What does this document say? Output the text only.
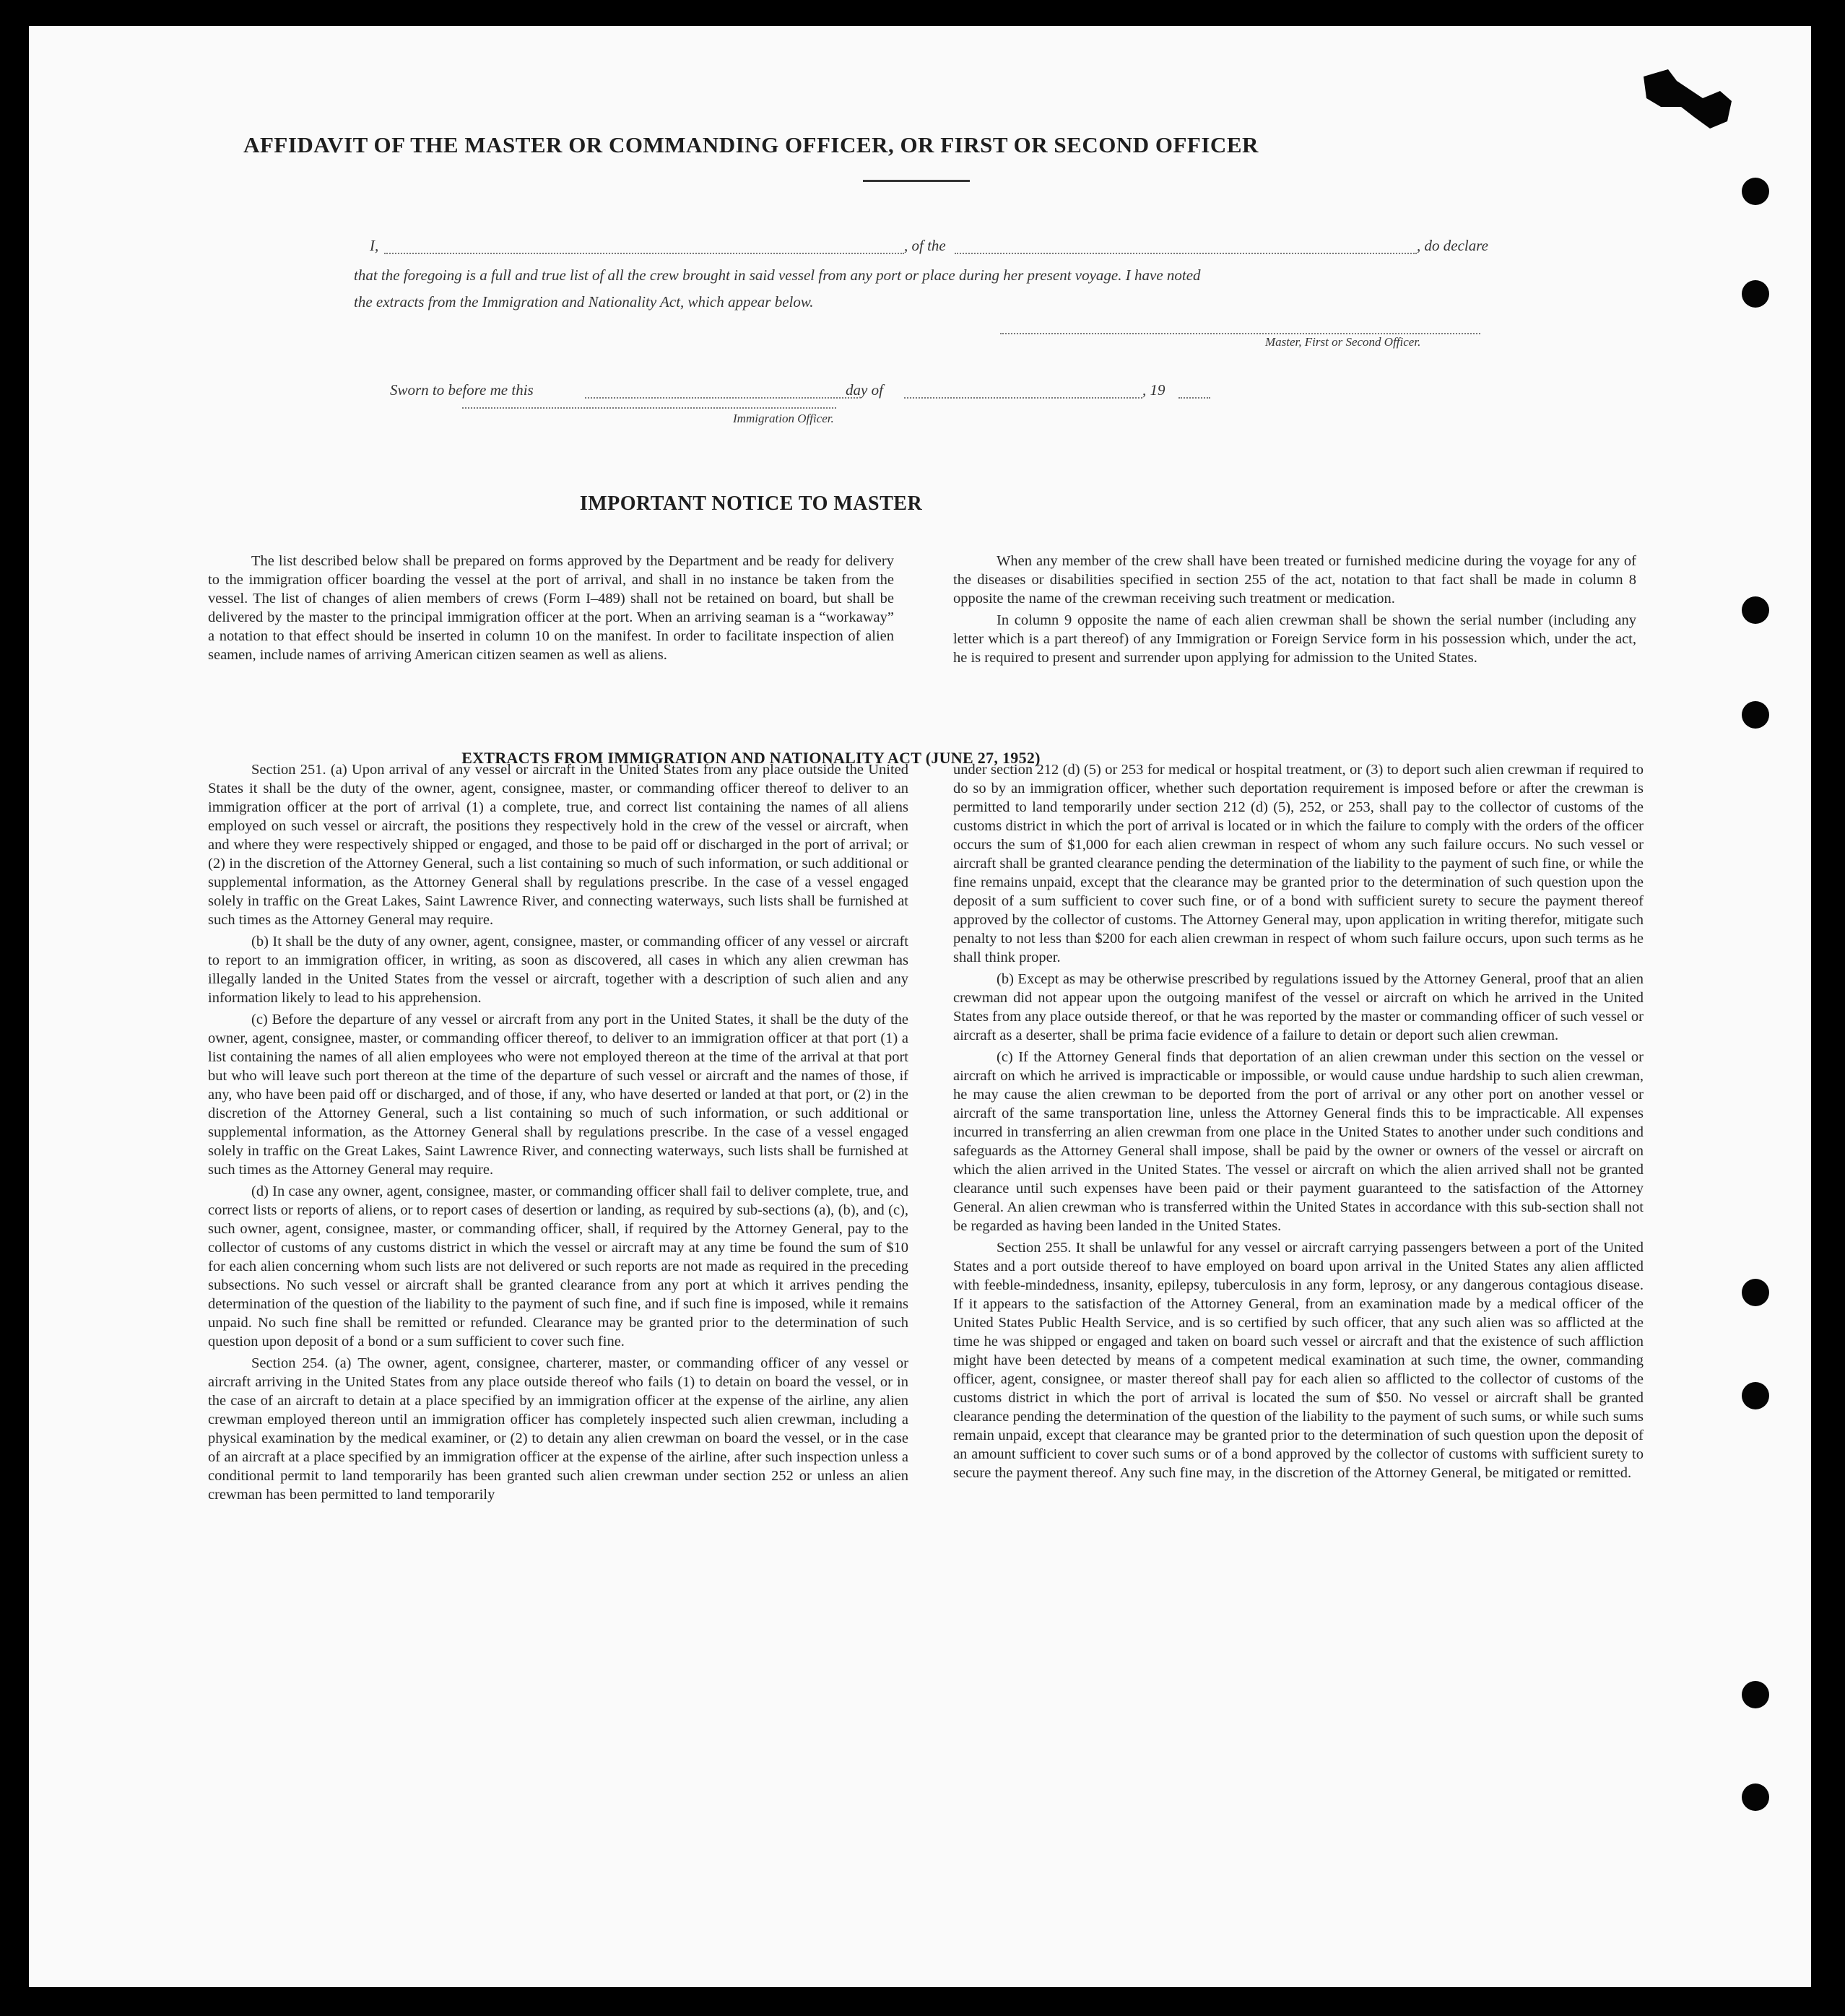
AFFIDAVIT OF THE MASTER OR COMMANDING OFFICER, OR FIRST OR SECOND OFFICER
I,	, of the	, do declare
that the foregoing is a full and true list of all the crew brought in said vessel from any port or place during her present voyage. I have noted
the extracts from the Immigration and Nationality Act, which appear below.
Master, First or Second Officer.
Sworn to before me this	day of	, 19
Immigration Officer.
IMPORTANT NOTICE TO MASTER

The list described below shall be prepared on forms approved by the Department and be ready for delivery to the immigration officer boarding the vessel at the port of arrival, and shall in no instance be taken from the vessel. The list of changes of alien members of crews (Form I–489) shall not be retained on board, but shall be delivered by the master to the principal immigration officer at the port. When an arriving seaman is a “workaway” a notation to that effect should be inserted in column 10 on the manifest. In order to facilitate inspection of alien seamen, include names of arriving American citizen seamen as well as aliens.

When any member of the crew shall have been treated or furnished medicine during the voyage for any of the diseases or disabilities specified in section 255 of the act, notation to that fact shall be made in column 8 opposite the name of the crewman receiving such treatment or medication.

In column 9 opposite the name of each alien crewman shall be shown the serial number (including any letter which is a part thereof) of any Immigration or Foreign Service form in his possession which, under the act, he is required to present and surrender upon applying for admission to the United States.

EXTRACTS FROM IMMIGRATION AND NATIONALITY ACT (JUNE 27, 1952)

Section 251. (a) Upon arrival of any vessel or aircraft in the United States from any place outside the United States it shall be the duty of the owner, agent, consignee, master, or commanding officer thereof to deliver to an immigration officer at the port of arrival (1) a complete, true, and correct list containing the names of all aliens employed on such vessel or aircraft, the positions they respectively hold in the crew of the vessel or aircraft, when and where they were respectively shipped or engaged, and those to be paid off or discharged in the port of arrival; or (2) in the discretion of the Attorney General, such a list containing so much of such information, or such additional or supplemental information, as the Attorney General shall by regulations prescribe. In the case of a vessel engaged solely in traffic on the Great Lakes, Saint Lawrence River, and connecting waterways, such lists shall be furnished at such times as the Attorney General may require.

(b) It shall be the duty of any owner, agent, consignee, master, or commanding officer of any vessel or aircraft to report to an immigration officer, in writing, as soon as discovered, all cases in which any alien crewman has illegally landed in the United States from the vessel or aircraft, together with a description of such alien and any information likely to lead to his apprehension.

(c) Before the departure of any vessel or aircraft from any port in the United States, it shall be the duty of the owner, agent, consignee, master, or commanding officer thereof, to deliver to an immigration officer at that port (1) a list containing the names of all alien employees who were not employed thereon at the time of the arrival at that port but who will leave such port thereon at the time of the departure of such vessel or aircraft and the names of those, if any, who have been paid off or discharged, and of those, if any, who have deserted or landed at that port, or (2) in the discretion of the Attorney General, such a list containing so much of such information, or such additional or supplemental information, as the Attorney General shall by regulations prescribe. In the case of a vessel engaged solely in traffic on the Great Lakes, Saint Lawrence River, and connecting waterways, such lists shall be furnished at such times as the Attorney General may require.

(d) In case any owner, agent, consignee, master, or commanding officer shall fail to deliver complete, true, and correct lists or reports of aliens, or to report cases of desertion or landing, as required by sub-sections (a), (b), and (c), such owner, agent, consignee, master, or commanding officer, shall, if required by the Attorney General, pay to the collector of customs of any customs district in which the vessel or aircraft may at any time be found the sum of $10 for each alien concerning whom such lists are not delivered or such reports are not made as required in the preceding subsections. No such vessel or aircraft shall be granted clearance from any port at which it arrives pending the determination of the question of the liability to the payment of such fine, and if such fine is imposed, while it remains unpaid. No such fine shall be remitted or refunded. Clearance may be granted prior to the determination of such question upon deposit of a bond or a sum sufficient to cover such fine.

Section 254. (a) The owner, agent, consignee, charterer, master, or commanding officer of any vessel or aircraft arriving in the United States from any place outside thereof who fails (1) to detain on board the vessel, or in the case of an aircraft to detain at a place specified by an immigration officer at the expense of the airline, any alien crewman employed thereon until an immigration officer has completely inspected such alien crewman, including a physical examination by the medical examiner, or (2) to detain any alien crewman on board the vessel, or in the case of an aircraft at a place specified by an immigration officer at the expense of the airline, after such inspection unless a conditional permit to land temporarily has been granted such alien crewman under section 252 or unless an alien crewman has been permitted to land temporarily

under section 212 (d) (5) or 253 for medical or hospital treatment, or (3) to deport such alien crewman if required to do so by an immigration officer, whether such deportation requirement is imposed before or after the crewman is permitted to land temporarily under section 212 (d) (5), 252, or 253, shall pay to the collector of customs of the customs district in which the port of arrival is located or in which the failure to comply with the orders of the officer occurs the sum of $1,000 for each alien crewman in respect of whom any such failure occurs. No such vessel or aircraft shall be granted clearance pending the determination of the liability to the payment of such fine, or while the fine remains unpaid, except that the clearance may be granted prior to the determination of such question upon the deposit of a sum sufficient to cover such fine, or of a bond with sufficient surety to secure the payment thereof approved by the collector of customs. The Attorney General may, upon application in writing therefor, mitigate such penalty to not less than $200 for each alien crewman in respect of whom such failure occurs, upon such terms as he shall think proper.

(b) Except as may be otherwise prescribed by regulations issued by the Attorney General, proof that an alien crewman did not appear upon the outgoing manifest of the vessel or aircraft on which he arrived in the United States from any place outside thereof, or that he was reported by the master or commanding officer of such vessel or aircraft as a deserter, shall be prima facie evidence of a failure to detain or deport such alien crewman.

(c) If the Attorney General finds that deportation of an alien crewman under this section on the vessel or aircraft on which he arrived is impracticable or impossible, or would cause undue hardship to such alien crewman, he may cause the alien crewman to be deported from the port of arrival or any other port on another vessel or aircraft of the same transportation line, unless the Attorney General finds this to be impracticable. All expenses incurred in transferring an alien crewman from one place in the United States to another under such conditions and safeguards as the Attorney General shall impose, shall be paid by the owner or owners of the vessel or aircraft on which the alien arrived in the United States. The vessel or aircraft on which the alien arrived shall not be granted clearance until such expenses have been paid or their payment guaranteed to the satisfaction of the Attorney General. An alien crewman who is transferred within the United States in accordance with this sub-section shall not be regarded as having been landed in the United States.

Section 255. It shall be unlawful for any vessel or aircraft carrying passengers between a port of the United States and a port outside thereof to have employed on board upon arrival in the United States any alien afflicted with feeble-mindedness, insanity, epilepsy, tuberculosis in any form, leprosy, or any dangerous contagious disease. If it appears to the satisfaction of the Attorney General, from an examination made by a medical officer of the United States Public Health Service, and is so certified by such officer, that any such alien was so afflicted at the time he was shipped or engaged and taken on board such vessel or aircraft and that the existence of such affliction might have been detected by means of a competent medical examination at such time, the owner, commanding officer, agent, consignee, or master thereof shall pay for each alien so afflicted to the collector of customs of the customs district in which the port of arrival is located the sum of $50. No vessel or aircraft shall be granted clearance pending the determination of the question of the liability to the payment of such sums, or while such sums remain unpaid, except that clearance may be granted prior to the determination of such question upon the deposit of an amount sufficient to cover such sums or of a bond approved by the collector of customs with sufficient surety to secure the payment thereof. Any such fine may, in the discretion of the Attorney General, be mitigated or remitted.
